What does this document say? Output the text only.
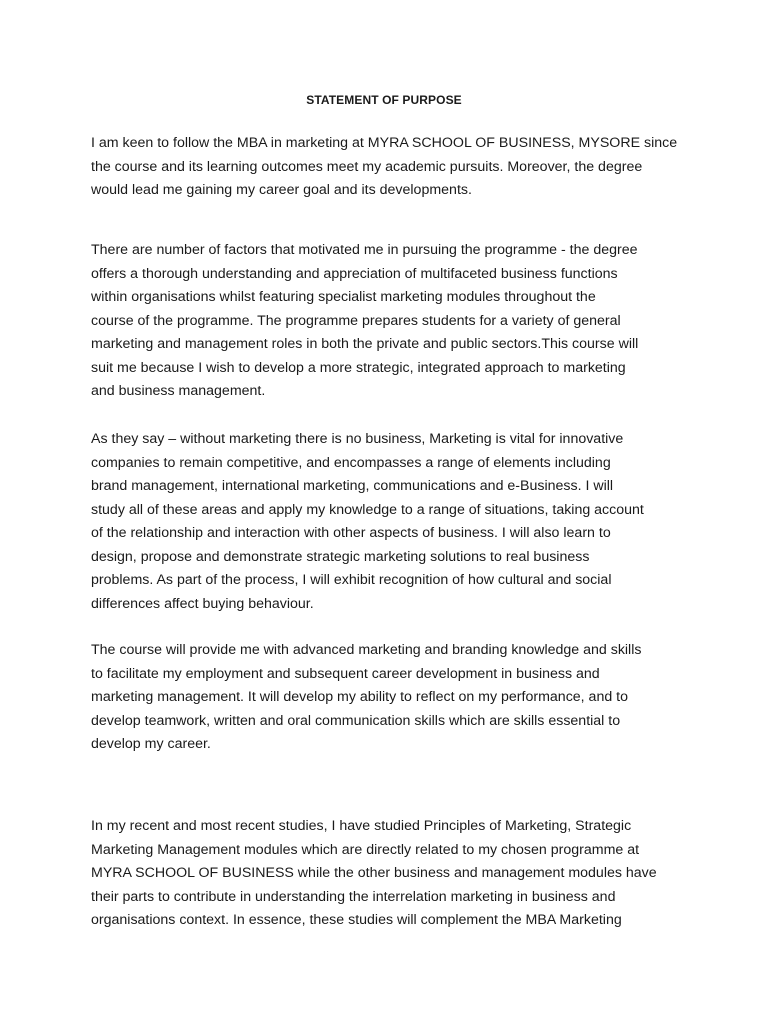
STATEMENT OF PURPOSE

I am keen to follow the MBA in marketing at MYRA SCHOOL OF BUSINESS, MYSORE since
the course and its learning outcomes meet my academic pursuits. Moreover, the degree
would lead me gaining my career goal and its developments.

There are number of factors that motivated me in pursuing the programme - the degree
offers a thorough understanding and appreciation of multifaceted business functions
within organisations whilst featuring specialist marketing modules throughout the
course of the programme. The programme prepares students for a variety of general
marketing and management roles in both the private and public sectors.This course will
suit me because I wish to develop a more strategic, integrated approach to marketing
and business management.

As they say – without marketing there is no business, Marketing is vital for innovative
companies to remain competitive, and encompasses a range of elements including
brand management, international marketing, communications and e-Business. I will
study all of these areas and apply my knowledge to a range of situations, taking account
of the relationship and interaction with other aspects of business. I will also learn to
design, propose and demonstrate strategic marketing solutions to real business
problems. As part of the process, I will exhibit recognition of how cultural and social
differences affect buying behaviour.

The course will provide me with advanced marketing and branding knowledge and skills
to facilitate my employment and subsequent career development in business and
marketing management. It will develop my ability to reflect on my performance, and to
develop teamwork, written and oral communication skills which are skills essential to
develop my career.

In my recent and most recent studies, I have studied Principles of Marketing, Strategic
Marketing Management modules which are directly related to my chosen programme at
MYRA SCHOOL OF BUSINESS while the other business and management modules have
their parts to contribute in understanding the interrelation marketing in business and
organisations context. In essence, these studies will complement the MBA Marketing
